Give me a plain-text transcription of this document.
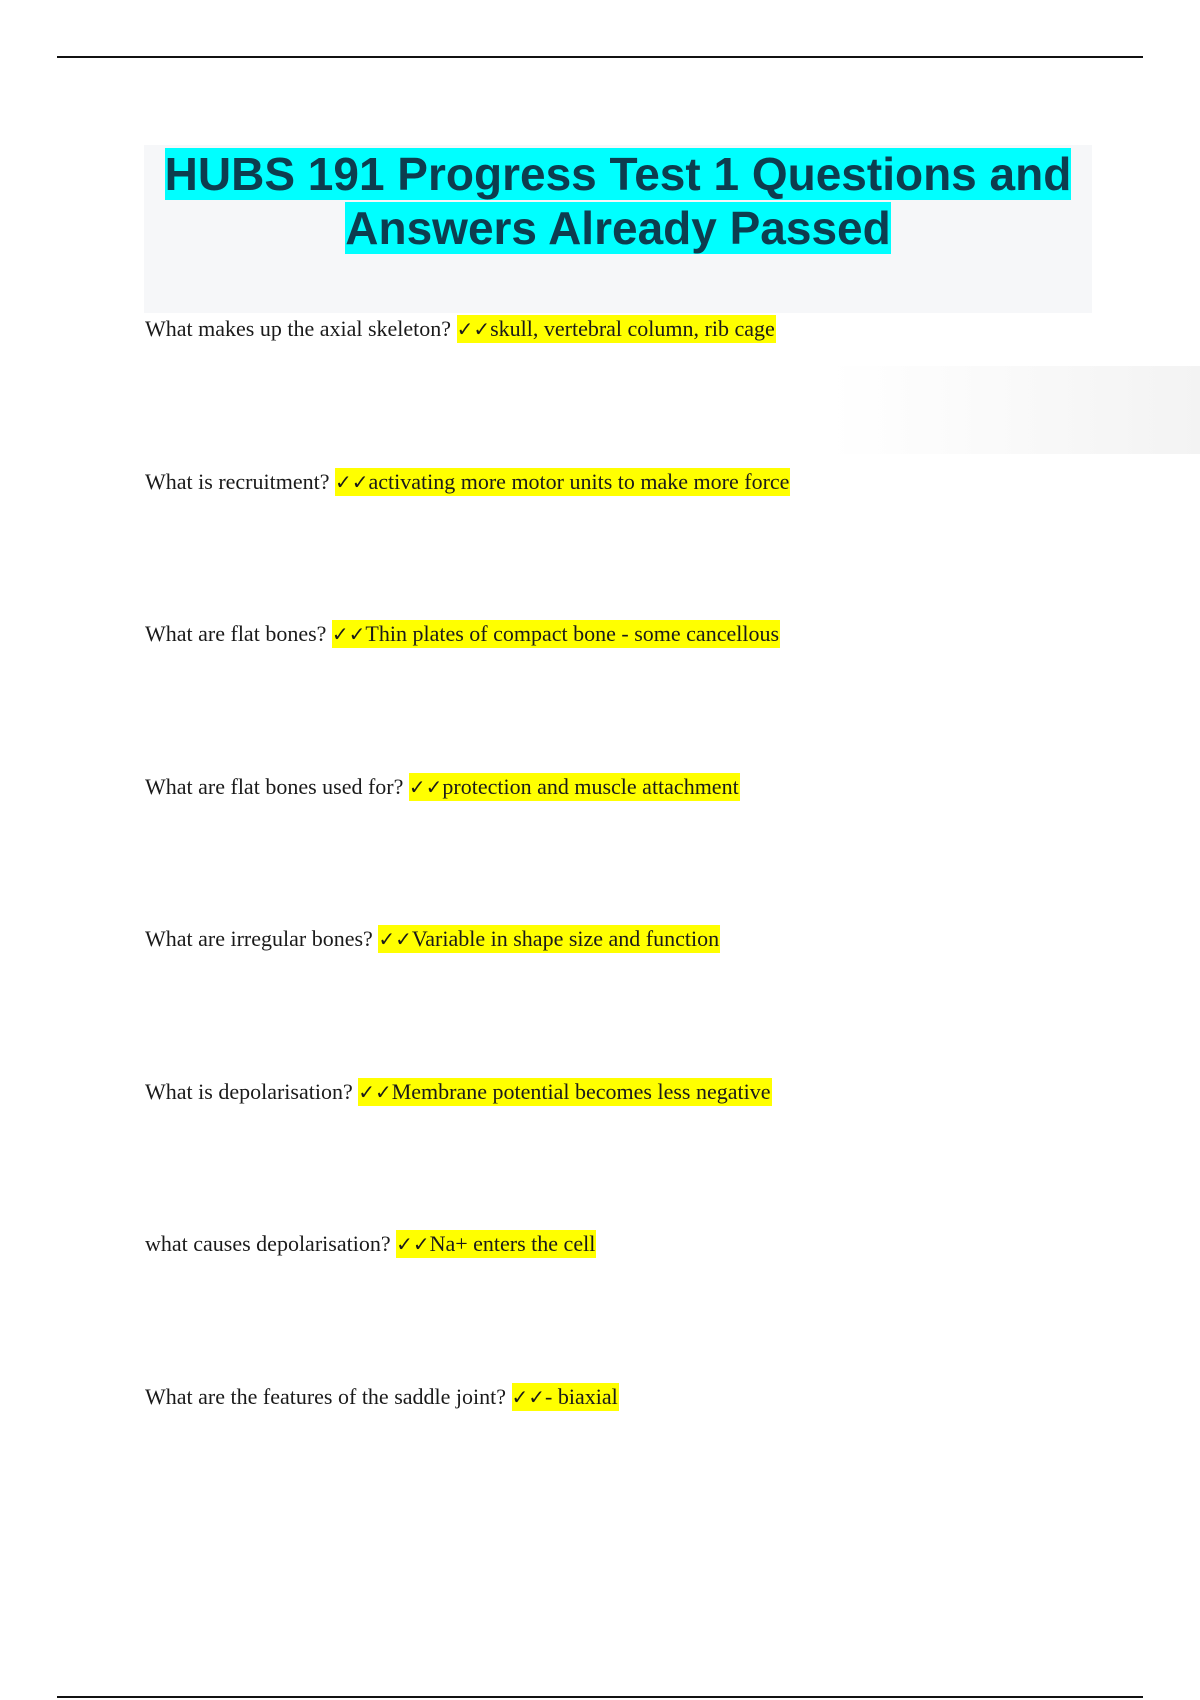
HUBS 191 Progress Test 1 Questions and Answers Already Passed

What makes up the axial skeleton? ✓✓skull, vertebral column, rib cage

What is recruitment? ✓✓activating more motor units to make more force

What are flat bones? ✓✓Thin plates of compact bone - some cancellous

What are flat bones used for? ✓✓protection and muscle attachment

What are irregular bones? ✓✓Variable in shape size and function

What is depolarisation? ✓✓Membrane potential becomes less negative

what causes depolarisation? ✓✓Na+ enters the cell

What are the features of the saddle joint? ✓✓- biaxial
